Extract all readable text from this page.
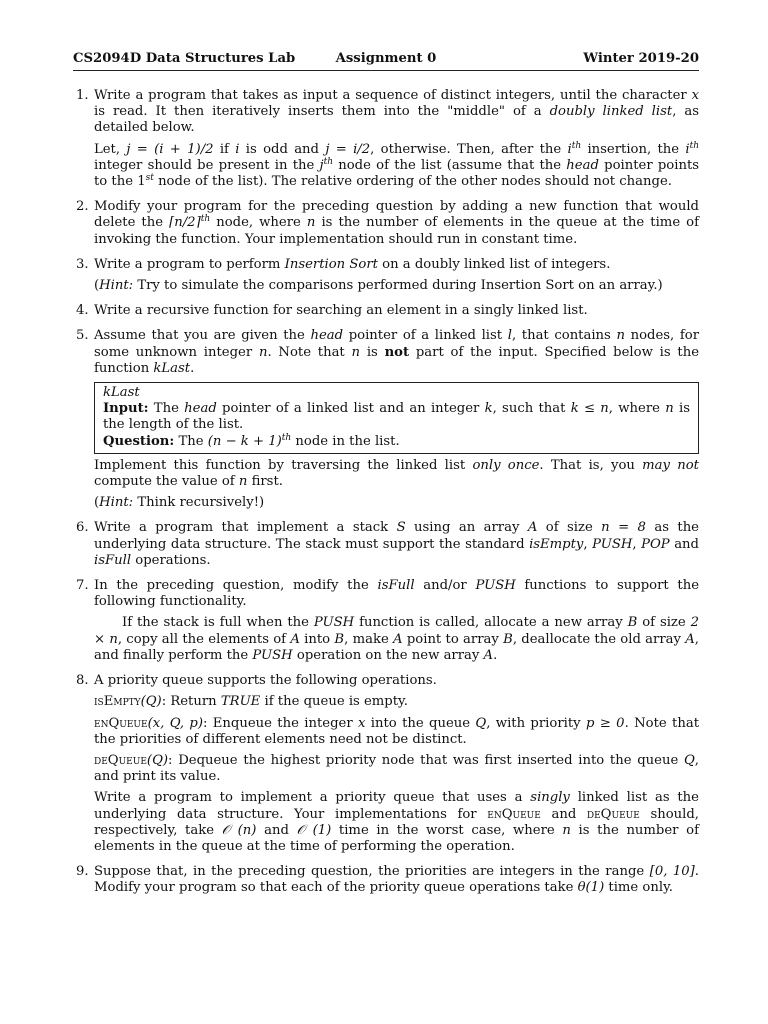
CS2094D Data Structures Lab	Assignment 0	Winter 2019-20
1. Write a program that takes as input a sequence of distinct integers, until the character x is read. It then iteratively inserts them into the "middle" of a doubly linked list, as detailed below.

Let, j = (i + 1)/2 if i is odd and j = i/2, otherwise. Then, after the $i^{th}$ insertion, the $i^{th}$ integer should be present in the $j^{th}$ node of the list (assume that the head pointer points to the 1st node of the list). The relative ordering of the other nodes should not change.

2. Modify your program for the preceding question by adding a new function that would delete the ⌈n/2⌉$^{th}$ node, where n is the number of elements in the queue at the time of invoking the function. Your implementation should run in constant time.

3. Write a program to perform Insertion Sort on a doubly linked list of integers.

(Hint: Try to simulate the comparisons performed during Insertion Sort on an array.)

4. Write a recursive function for searching an element in a singly linked list.

5. Assume that you are given the head pointer of a linked list l, that contains n nodes, for some unknown integer n. Note that n is not part of the input. Specified below is the function kLast.

kLast

Input: The head pointer of a linked list and an integer k, such that k ≤ n, where n is the length of the list.

Question: The $(n - k + 1)^{th}$ node in the list.

Implement this function by traversing the linked list only once. That is, you may not compute the value of n first.

(Hint: Think recursively!)

6. Write a program that implement a stack S using an array A of size n = 8 as the underlying data structure. The stack must support the standard isEmpty, PUSH, POP and isFull operations.

7. In the preceding question, modify the isFull and/or PUSH functions to support the following functionality.

If the stack is full when the PUSH function is called, allocate a new array B of size 2 × n, copy all the elements of A into B, make A point to array B, deallocate the old array A, and finally perform the PUSH operation on the new array A.

8. A priority queue supports the following operations.

isEmpty(Q): Return TRUE if the queue is empty.

enQueue(x, Q, p): Enqueue the integer x into the queue Q, with priority p ≥ 0. Note that the priorities of different elements need not be distinct.

deQueue(Q): Dequeue the highest priority node that was first inserted into the queue Q, and print its value.

Write a program to implement a priority queue that uses a singly linked list as the underlying data structure. Your implementations for enQueue and deQueue should, respectively, take 𝒪 (n) and 𝒪 (1) time in the worst case, where n is the number of elements in the queue at the time of performing the operation.

9. Suppose that, in the preceding question, the priorities are integers in the range [0, 10]. Modify your program so that each of the priority queue operations take θ(1) time only.
